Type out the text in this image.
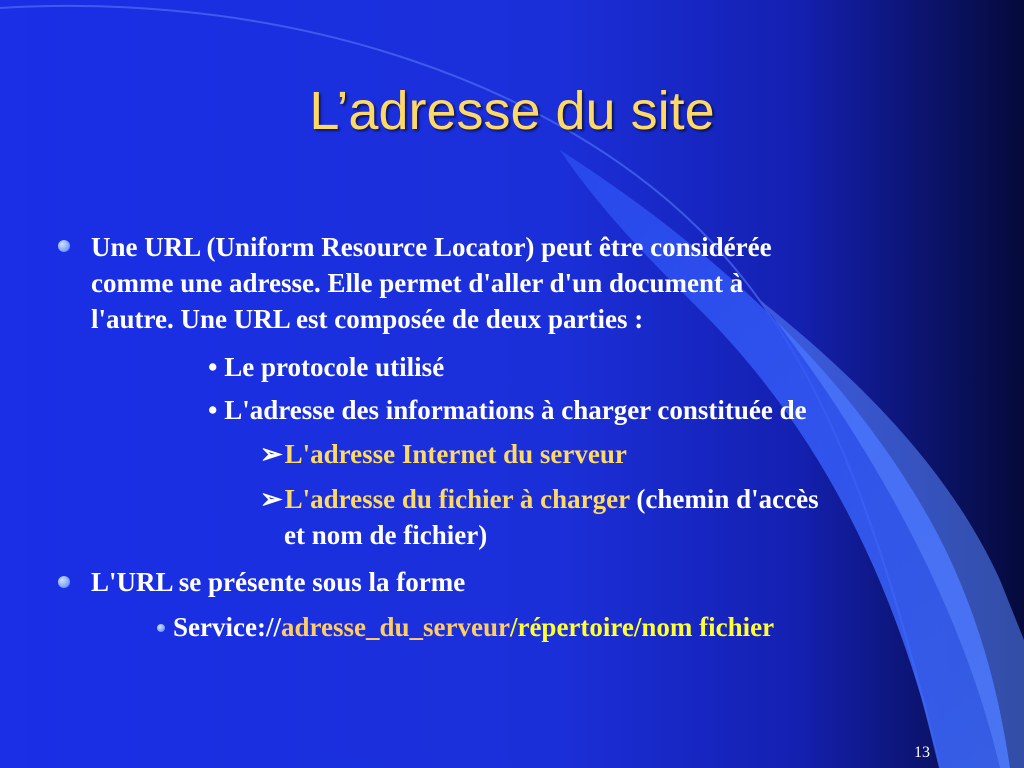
L’adresse du site
Une URL (Uniform Resource Locator) peut être considérée
comme une adresse. Elle permet d'aller d'un document à
l'autre. Une URL est composée de deux parties :
• Le protocole utilisé
• L'adresse des informations à charger constituée de
➢L'adresse Internet du serveur
➢L'adresse du fichier à charger (chemin d'accès
et nom de fichier)
L'URL se présente sous la forme
Service://adresse_du_serveur/répertoire/nom fichier
13
